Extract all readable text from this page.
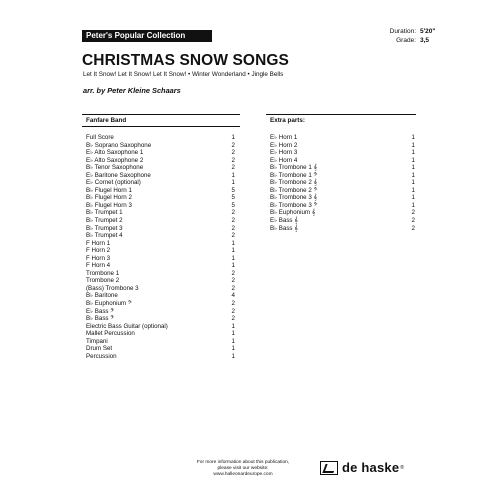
Peter's Popular Collection	Duration: 5'20"
Grade: 3,5
CHRISTMAS SNOW SONGS
Let It Snow! Let It Snow! Let It Snow! • Winter Wonderland • Jingle Bells
arr. by Peter Kleine Schaars
Fanfare Band
Full Score	1
B♭ Soprano Saxophone	2
E♭ Alto Saxophone 1	2
E♭ Alto Saxophone 2	2
B♭ Tenor Saxophone	2
E♭ Baritone Saxophone	1
E♭ Cornet (optional)	1
B♭ Flugel Horn 1	5
B♭ Flugel Horn 2	5
B♭ Flugel Horn 3	5
B♭ Trumpet 1	2
B♭ Trumpet 2	2
B♭ Trumpet 3	2
B♭ Trumpet 4	2
F Horn 1	1
F Horn 2	1
F Horn 3	1
F Horn 4	1
Trombone 1	2
Trombone 2	2
(Bass) Trombone 3	2
B♭ Baritone	4
B♭ Euphonium 𝄢	2
E♭ Bass 𝄢	2
B♭ Bass 𝄢	2
Electric Bass Guitar (optional)	1
Mallet Percussion	1
Timpani	1
Drum Set	1
Percussion	1
Extra parts:
E♭ Horn 1	1
E♭ Horn 2	1
E♭ Horn 3	1
E♭ Horn 4	1
B♭ Trombone 1 𝄞	1
B♭ Trombone 1 𝄢	1
B♭ Trombone 2 𝄞	1
B♭ Trombone 2 𝄢	1
B♭ Trombone 3 𝄞	1
B♭ Trombone 3 𝄢	1
B♭ Euphonium 𝄞	2
E♭ Bass 𝄞	2
B♭ Bass 𝄞	2
For more information about this publication,
please visit our website:
www.halleonardeurope.com	de haske ®
